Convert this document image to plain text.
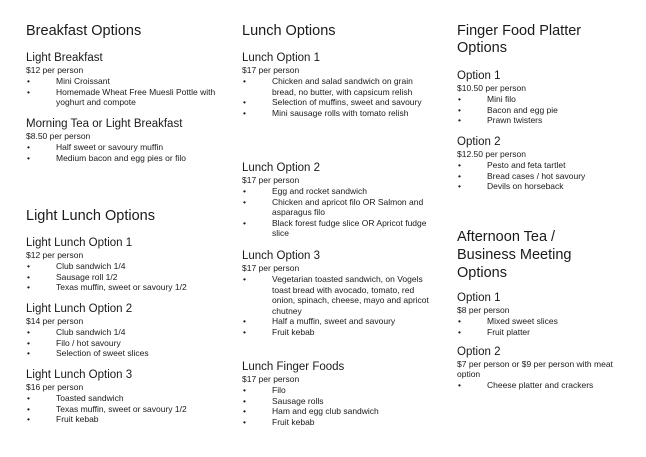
Breakfast Options
Light Breakfast
$12 per person
• Mini Croissant
• Homemade Wheat Free Muesli Pottle with yoghurt and compote
Morning Tea or Light Breakfast
$8.50 per person
• Half sweet or savoury muffin
• Medium bacon and egg pies or filo
Light Lunch Options
Light Lunch Option 1
$12 per person
• Club sandwich 1/4
• Sausage roll 1/2
• Texas muffin, sweet or savoury 1/2
Light Lunch Option 2
$14 per person
• Club sandwich 1/4
• Filo / hot savoury
• Selection of sweet slices
Light Lunch Option 3
$16 per person
• Toasted sandwich
• Texas muffin, sweet or savoury 1/2
• Fruit kebab
Lunch Options
Lunch Option 1
$17 per person
• Chicken and salad sandwich on grain bread, no butter, with capsicum relish
• Selection of muffins, sweet and savoury
• Mini sausage rolls with tomato relish
Lunch Option 2
$17 per person
• Egg and rocket sandwich
• Chicken and apricot filo OR Salmon and asparagus filo
• Black forest fudge slice OR Apricot fudge slice
Lunch Option 3
$17 per person
• Vegetarian toasted sandwich, on Vogels toast bread with avocado, tomato, red onion, spinach, cheese, mayo and apricot chutney
• Half a muffin, sweet and savoury
• Fruit kebab
Lunch Finger Foods
$17 per person
• Filo
• Sausage rolls
• Ham and egg club sandwich
• Fruit kebab
Finger Food Platter
Options
Option 1
$10.50 per person
• Mini filo
• Bacon and egg pie
• Prawn twisters
Option 2
$12.50 per person
• Pesto and feta tartlet
• Bread cases / hot savoury
• Devils on horseback
Afternoon Tea /
Business Meeting
Options
Option 1
$8 per person
• Mixed sweet slices
• Fruit platter
Option 2
$7 per person or $9 per person with meat option
• Cheese platter and crackers
